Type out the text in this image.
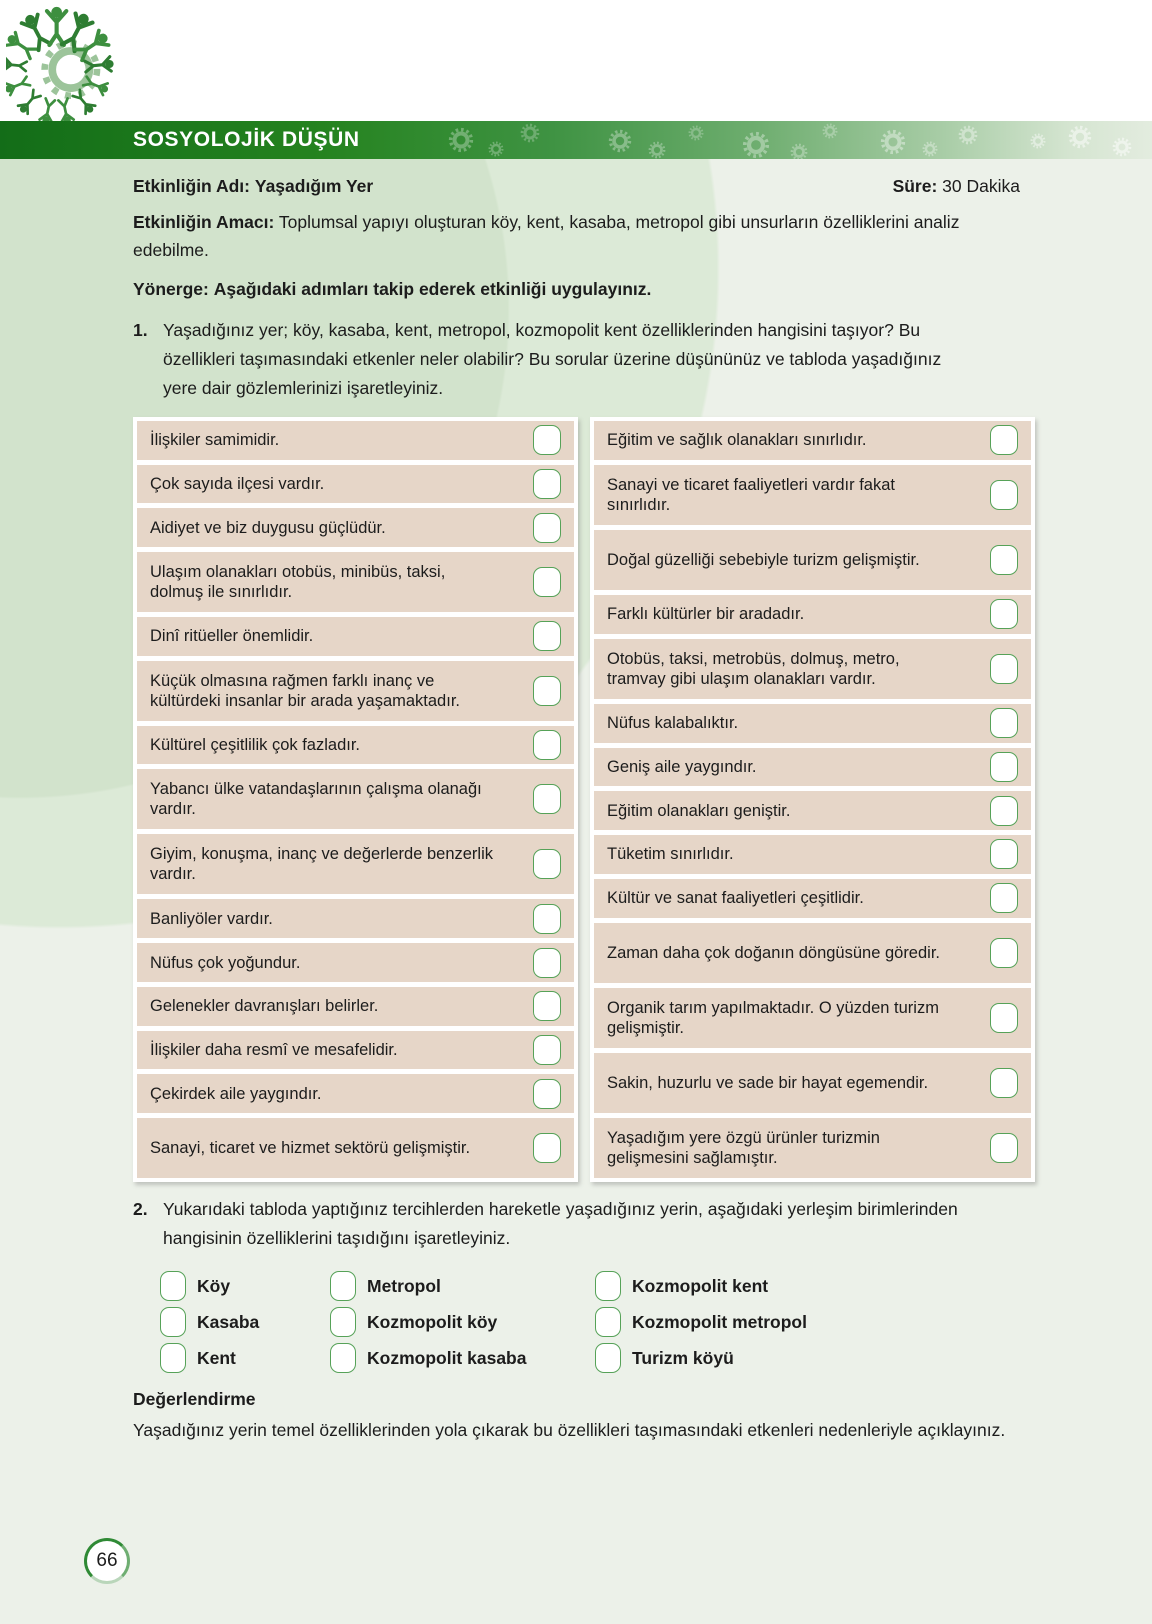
SOSYOLOJİK DÜŞÜN
Etkinliğin Adı: Yaşadığım Yer	Süre: 30 Dakika
Etkinliğin Amacı: Toplumsal yapıyı oluşturan köy, kent, kasaba, metropol gibi unsurların özelliklerini analiz edebilme.
Yönerge: Aşağıdaki adımları takip ederek etkinliği uygulayınız.
1. Yaşadığınız yer; köy, kasaba, kent, metropol, kozmopolit kent özelliklerinden hangisini taşıyor? Bu özellikleri taşımasındaki etkenler neler olabilir? Bu sorular üzerine düşününüz ve tabloda yaşadığınız yere dair gözlemlerinizi işaretleyiniz.
İlişkiler samimidir.
Çok sayıda ilçesi vardır.
Aidiyet ve biz duygusu güçlüdür.
Ulaşım olanakları otobüs, minibüs, taksi, dolmuş ile sınırlıdır.
Dinî ritüeller önemlidir.
Küçük olmasına rağmen farklı inanç ve kültürdeki insanlar bir arada yaşamaktadır.
Kültürel çeşitlilik çok fazladır.
Yabancı ülke vatandaşlarının çalışma olanağı vardır.
Giyim, konuşma, inanç ve değerlerde benzerlik vardır.
Banliyöler vardır.
Nüfus çok yoğundur.
Gelenekler davranışları belirler.
İlişkiler daha resmî ve mesafelidir.
Çekirdek aile yaygındır.
Sanayi, ticaret ve hizmet sektörü gelişmiştir.
Eğitim ve sağlık olanakları sınırlıdır.
Sanayi ve ticaret faaliyetleri vardır fakat sınırlıdır.
Doğal güzelliği sebebiyle turizm gelişmiştir.
Farklı kültürler bir aradadır.
Otobüs, taksi, metrobüs, dolmuş, metro, tramvay gibi ulaşım olanakları vardır.
Nüfus kalabalıktır.
Geniş aile yaygındır.
Eğitim olanakları geniştir.
Tüketim sınırlıdır.
Kültür ve sanat faaliyetleri çeşitlidir.
Zaman daha çok doğanın döngüsüne göredir.
Organik tarım yapılmaktadır. O yüzden turizm gelişmiştir.
Sakin, huzurlu ve sade bir hayat egemendir.
Yaşadığım yere özgü ürünler turizmin gelişmesini sağlamıştır.
2. Yukarıdaki tabloda yaptığınız tercihlerden hareketle yaşadığınız yerin, aşağıdaki yerleşim birimlerinden hangisinin özelliklerini taşıdığını işaretleyiniz.
Köy
Kasaba
Kent
Metropol
Kozmopolit köy
Kozmopolit kasaba
Kozmopolit kent
Kozmopolit metropol
Turizm köyü
Değerlendirme
Yaşadığınız yerin temel özelliklerinden yola çıkarak bu özellikleri taşımasındaki etkenleri nedenleriyle açıklayınız.
66
